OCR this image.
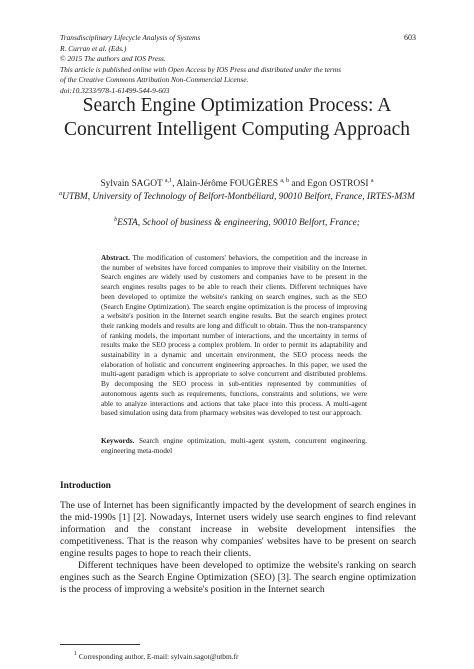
Transdisciplinary Lifecycle Analysis of Systems
R. Curran et al. (Eds.)
© 2015 The authors and IOS Press.
This article is published online with Open Access by IOS Press and distributed under the terms
of the Creative Commons Attribution Non-Commercial License.
doi:10.3233/978-1-61499-544-9-603
603
Search Engine Optimization Process: A Concurrent Intelligent Computing Approach
Sylvain SAGOT $^{a,1}$, Alain-Jérôme FOUGÈRES $^{a, b}$ and Egon OSTROSI $^a$
$^a$UTBM, University of Technology of Belfort-Montbéliard, 90010 Belfort, France, IRTES-M3M
$^b$ESTA, School of business & engineering, 90010 Belfort, France;
Abstract. The modification of customers' behaviors, the competition and the increase in the number of websites have forced companies to improve their visibility on the Internet. Search engines are widely used by customers and companies have to be present in the search engines results pages to be able to reach their clients. Different techniques have been developed to optimize the website's ranking on search engines, such as the SEO (Search Engine Optimization). The search engine optimization is the process of improving a website's position in the Internet search engine results. But the search engines protect their ranking models and results are long and difficult to obtain. Thus the non-transparency of ranking models, the important number of interactions, and the uncertainty in terms of results make the SEO process a complex problem. In order to permit its adaptability and sustainability in a dynamic and uncertain environment, the SEO process needs the elaboration of holistic and concurrent engineering approaches. In this paper, we used the multi-agent paradigm which is appropriate to solve concurrent and distributed problems. By decomposing the SEO process in sub-entities represented by communities of autonomous agents such as requirements, functions, constraints and solutions, we were able to analyze interactions and actions that take place into this process. A multi-agent based simulation using data from pharmacy websites was developed to test our approach.
Keywords. Search engine optimization, multi-agent system, concurrent engineering, engineering meta-model
Introduction
The use of Internet has been significantly impacted by the development of search engines in the mid-1990s [1] [2]. Nowadays, Internet users widely use search engines to find relevant information and the constant increase in website development intensifies the competitiveness. That is the reason why companies' websites have to be present on search engine results pages to hope to reach their clients.
Different techniques have been developed to optimize the website's ranking on search engines such as the Search Engine Optimization (SEO) [3]. The search engine optimization is the process of improving a website's position in the Internet search
$^1$ Corresponding author, E-mail: sylvain.sagot@utbm.fr
